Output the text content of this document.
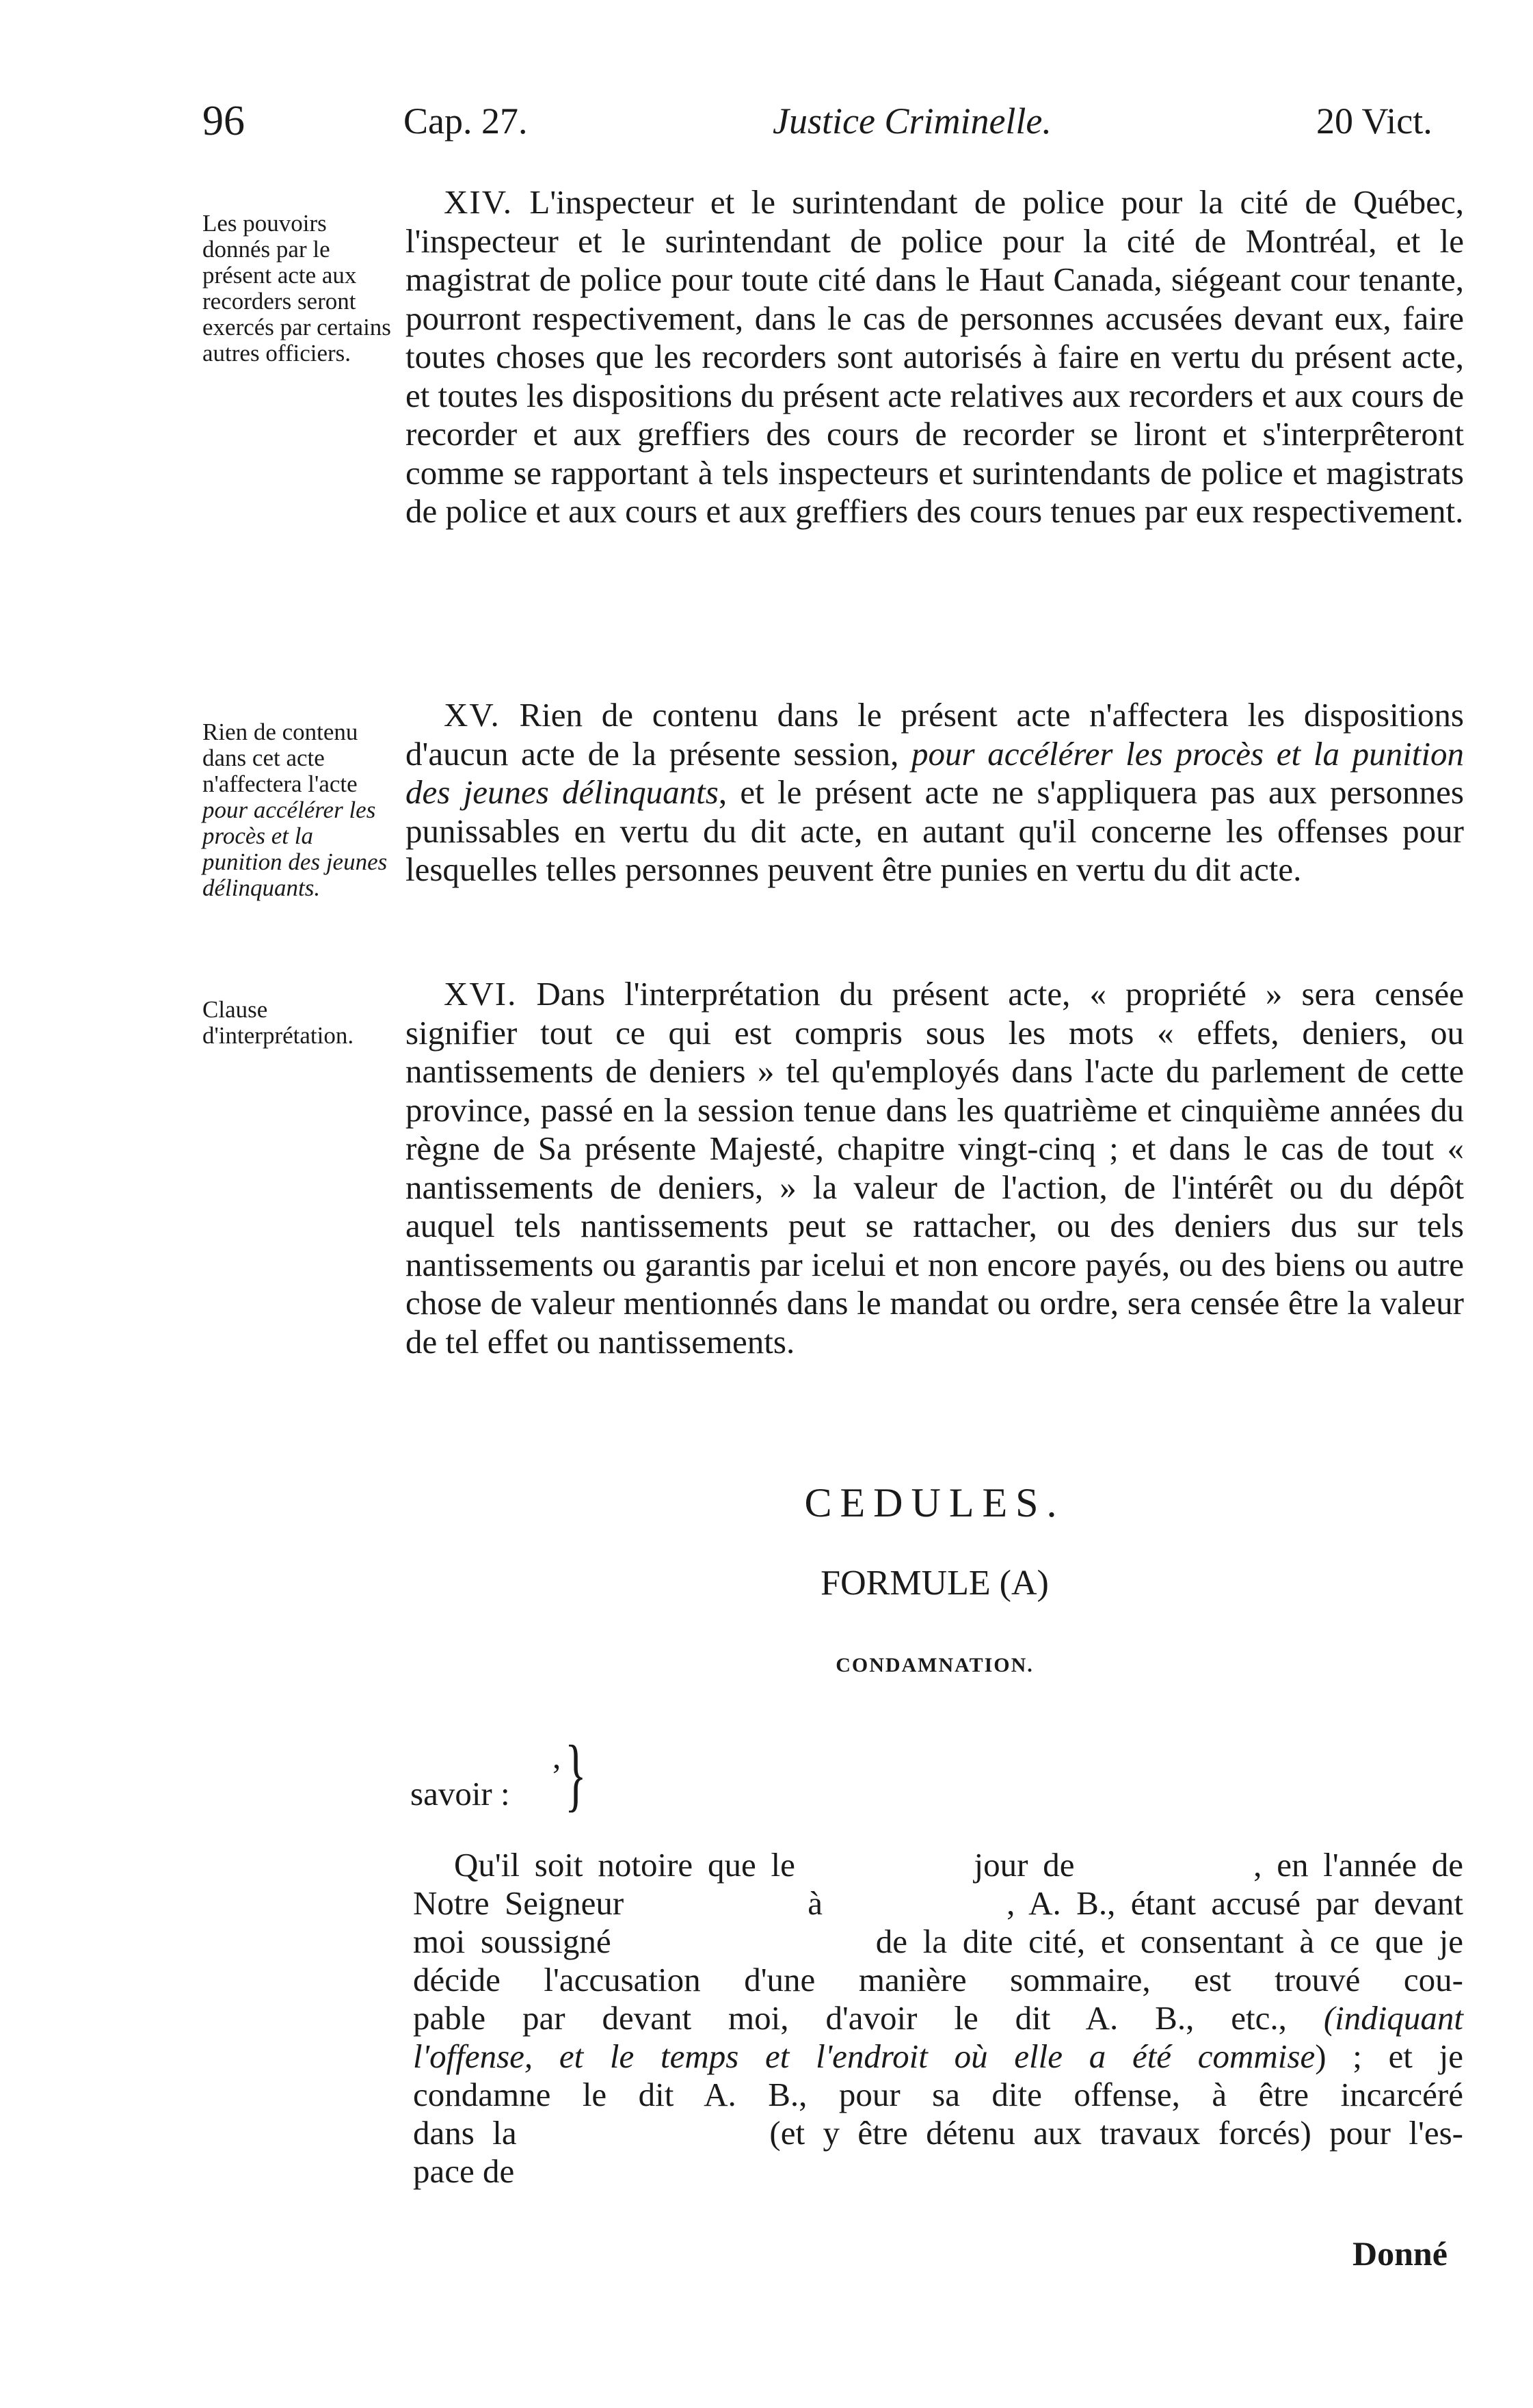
96	Cap. 27.	Justice Criminelle.	20 Vict.
Les pouvoirs donnés par le présent acte aux recorders seront exercés par certains autres officiers.
Rien de contenu dans cet acte n'affectera l'acte pour accélérer les procès et la punition des jeunes délinquants.
Clause d'interprétation.
XIV. L'inspecteur et le surintendant de police pour la cité de Québec, l'inspecteur et le surintendant de police pour la cité de Montréal, et le magistrat de police pour toute cité dans le Haut Canada, siégeant cour tenante, pourront respectivement, dans le cas de personnes accusées devant eux, faire toutes choses que les recorders sont autorisés à faire en vertu du présent acte, et toutes les dispositions du présent acte relatives aux recorders et aux cours de recorder et aux greffiers des cours de recorder se liront et s'interprêteront comme se rapportant à tels inspecteurs et surintendants de police et magistrats de police et aux cours et aux greffiers des cours tenues par eux respectivement.
XV. Rien de contenu dans le présent acte n'affectera les dispositions d'aucun acte de la présente session, pour accélérer les procès et la punition des jeunes délinquants, et le présent acte ne s'appliquera pas aux personnes punissables en vertu du dit acte, en autant qu'il concerne les offenses pour lesquelles telles personnes peuvent être punies en vertu du dit acte.
XVI. Dans l'interprétation du présent acte, « propriété » sera censée signifier tout ce qui est compris sous les mots « effets, deniers, ou nantissements de deniers » tel qu'employés dans l'acte du parlement de cette province, passé en la session tenue dans les quatrième et cinquième années du règne de Sa présente Majesté, chapitre vingt-cinq ; et dans le cas de tout « nantissements de deniers, » la valeur de l'action, de l'intérêt ou du dépôt auquel tels nantissements peut se rattacher, ou des deniers dus sur tels nantissements ou garantis par icelui et non encore payés, ou des biens ou autre chose de valeur mentionnés dans le mandat ou ordre, sera censée être la valeur de tel effet ou nantissements.
CEDULES.
FORMULE (A)
CONDAMNATION.
, }
savoir :
Qu'il soit notoire que le            jour de            , en l'année de
Notre Seigneur            à            , A. B., étant accusé par devant
moi soussigné                 de la dite cité, et consentant à ce que je
décide l'accusation d'une manière sommaire, est trouvé cou-
pable par devant moi, d'avoir le dit A. B., etc., (indiquant
l'offense, et le temps et l'endroit où elle a été commise) ; et je
condamne le dit A. B., pour sa dite offense, à être incarcéré
dans la              (et y être détenu aux travaux forcés) pour l'es-
pace de
Donné
